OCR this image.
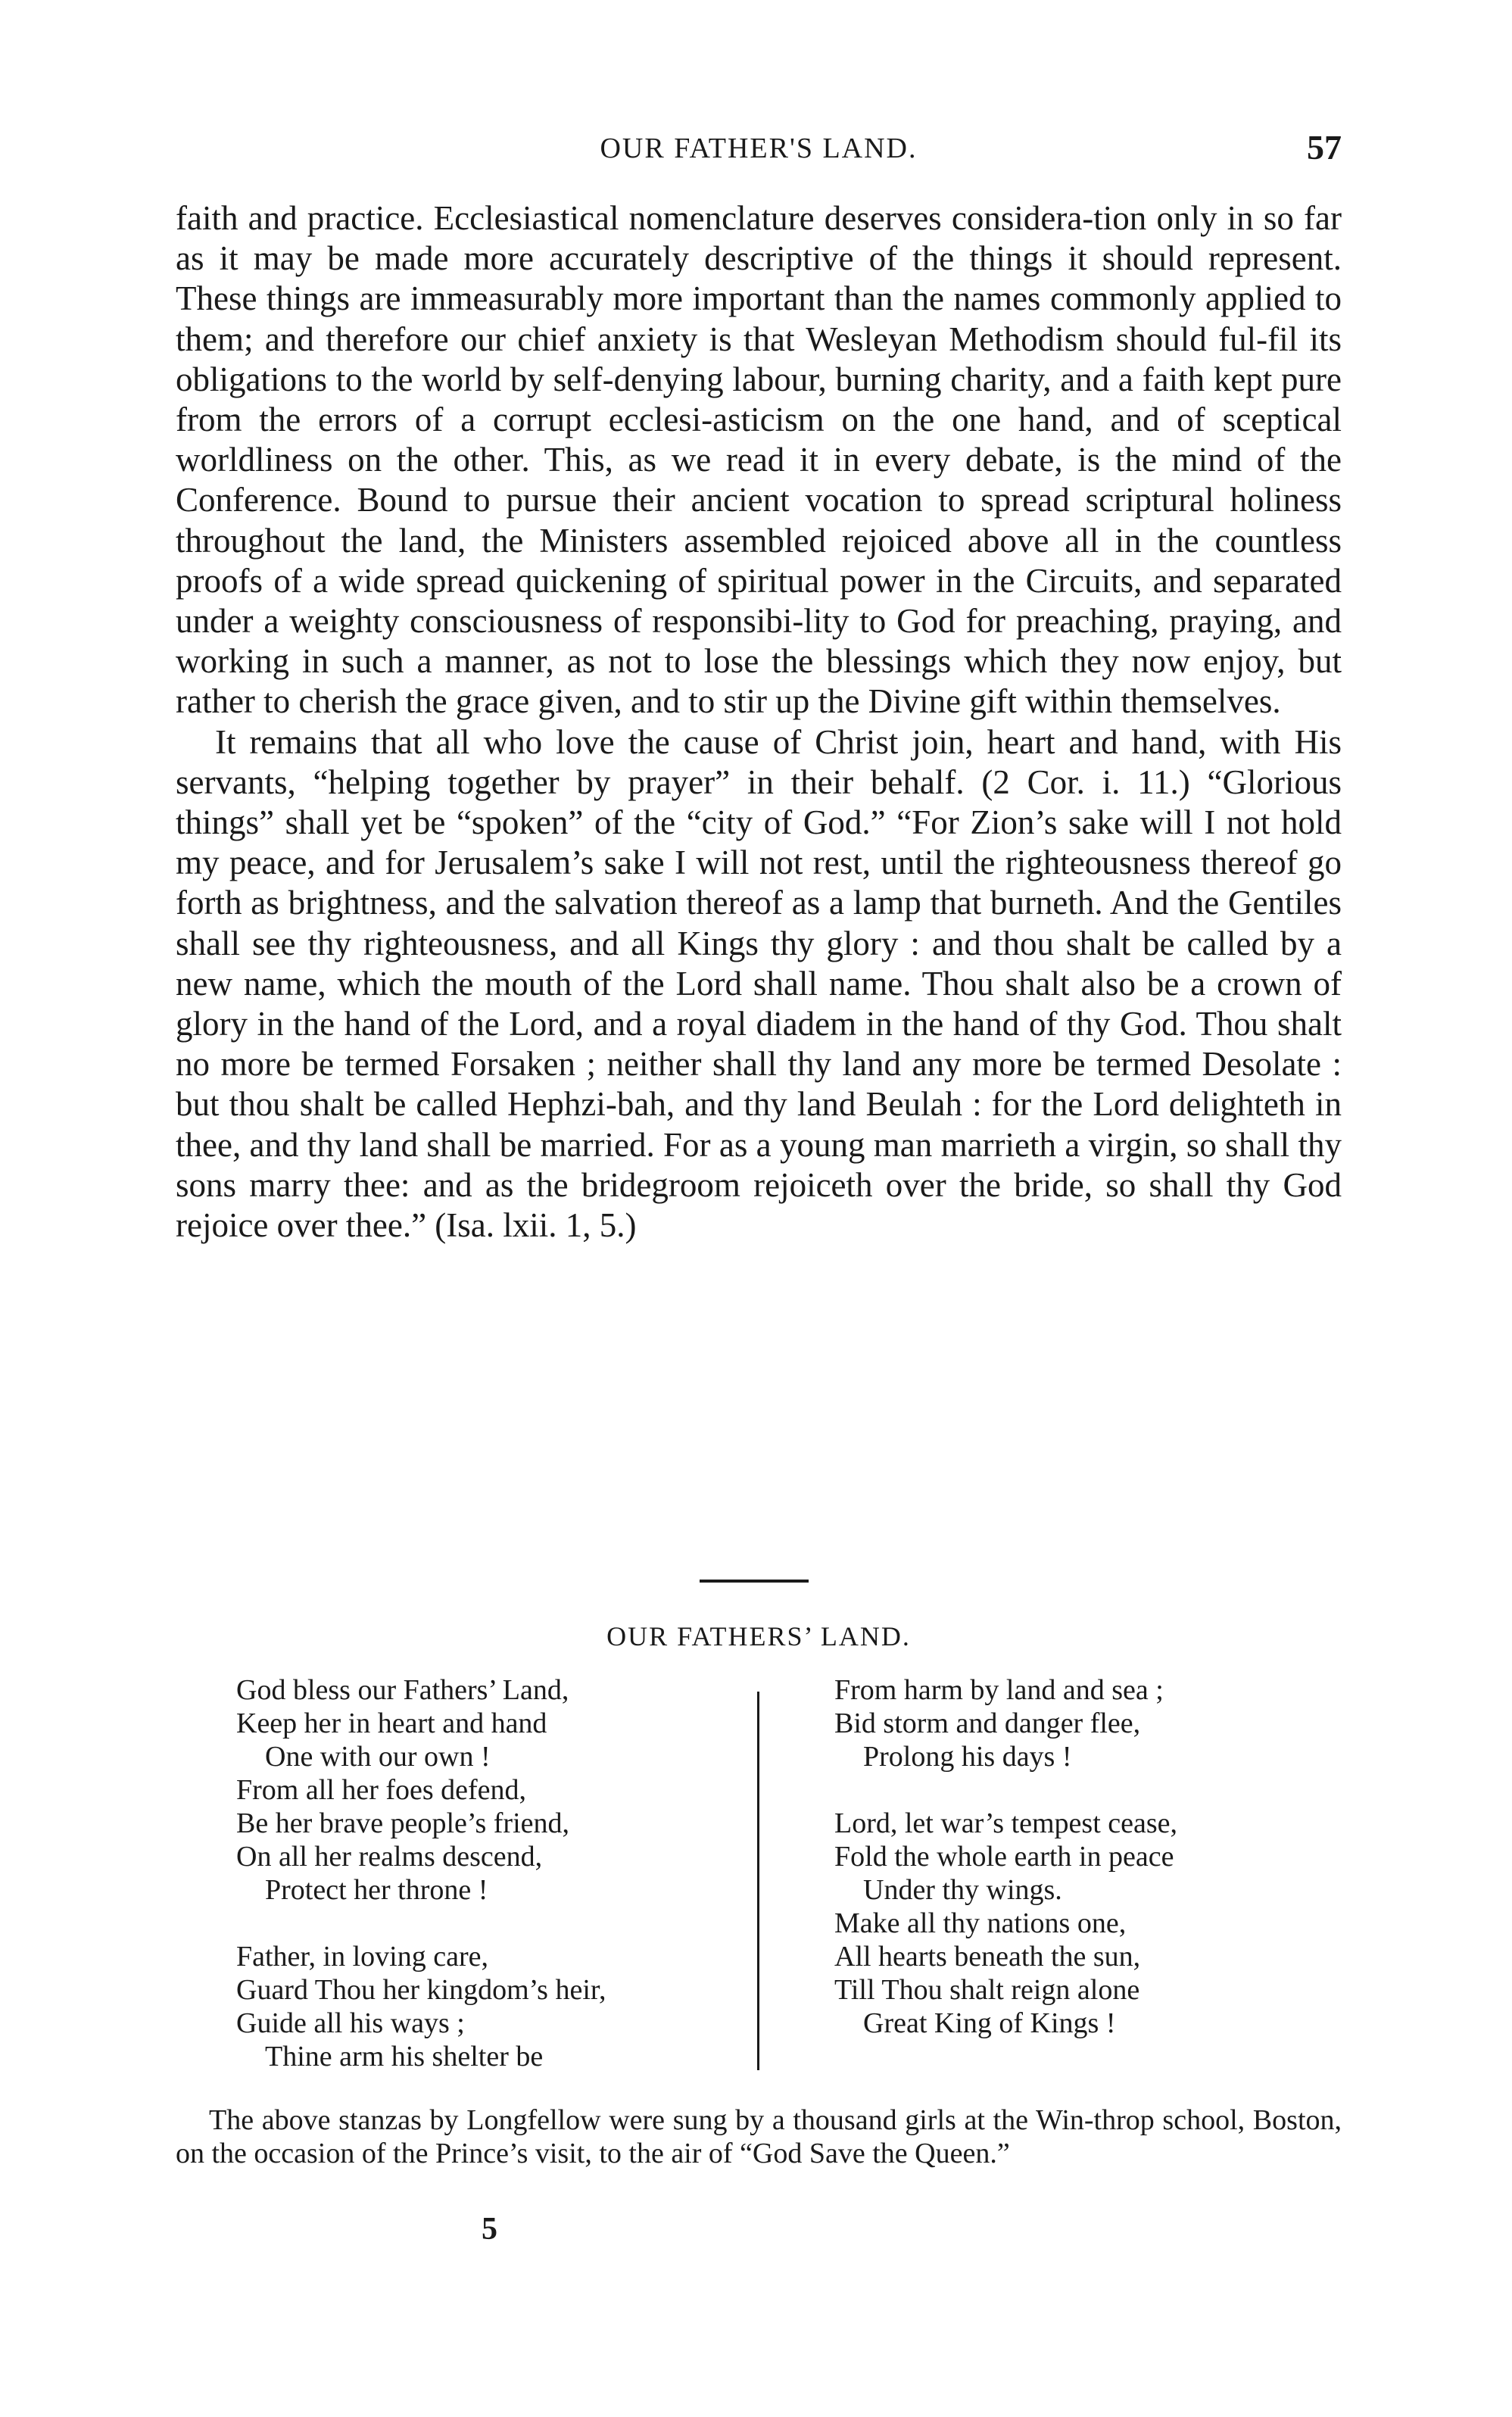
OUR FATHER'S LAND.	57

faith and practice. Ecclesiastical nomenclature deserves considera-tion only in so far as it may be made more accurately descriptive of the things it should represent. These things are immeasurably more important than the names commonly applied to them; and therefore our chief anxiety is that Wesleyan Methodism should ful-fil its obligations to the world by self-denying labour, burning charity, and a faith kept pure from the errors of a corrupt ecclesi-asticism on the one hand, and of sceptical worldliness on the other. This, as we read it in every debate, is the mind of the Conference. Bound to pursue their ancient vocation to spread scriptural holiness throughout the land, the Ministers assembled rejoiced above all in the countless proofs of a wide spread quickening of spiritual power in the Circuits, and separated under a weighty consciousness of responsibi-lity to God for preaching, praying, and working in such a manner, as not to lose the blessings which they now enjoy, but rather to cherish the grace given, and to stir up the Divine gift within themselves.

It remains that all who love the cause of Christ join, heart and hand, with His servants, “helping together by prayer” in their behalf. (2 Cor. i. 11.) “Glorious things” shall yet be “spoken” of the “city of God.” “For Zion’s sake will I not hold my peace, and for Jerusalem’s sake I will not rest, until the righteousness thereof go forth as brightness, and the salvation thereof as a lamp that burneth. And the Gentiles shall see thy righteousness, and all Kings thy glory : and thou shalt be called by a new name, which the mouth of the Lord shall name. Thou shalt also be a crown of glory in the hand of the Lord, and a royal diadem in the hand of thy God. Thou shalt no more be termed Forsaken ; neither shall thy land any more be termed Desolate : but thou shalt be called Hephzi-bah, and thy land Beulah : for the Lord delighteth in thee, and thy land shall be married. For as a young man marrieth a virgin, so shall thy sons marry thee: and as the bridegroom rejoiceth over the bride, so shall thy God rejoice over thee.” (Isa. lxii. 1, 5.)

OUR FATHERS’ LAND.
God bless our Fathers’ Land,
Keep her in heart and hand
One with our own !
From all her foes defend,
Be her brave people’s friend,
On all her realms descend,
Protect her throne !
Father, in loving care,
Guard Thou her kingdom’s heir,
Guide all his ways ;
Thine arm his shelter be
From harm by land and sea ;
Bid storm and danger flee,
Prolong his days !
Lord, let war’s tempest cease,
Fold the whole earth in peace
Under thy wings.
Make all thy nations one,
All hearts beneath the sun,
Till Thou shalt reign alone
Great King of Kings !

The above stanzas by Longfellow were sung by a thousand girls at the Win-throp school, Boston, on the occasion of the Prince’s visit, to the air of “God Save the Queen.”

5
